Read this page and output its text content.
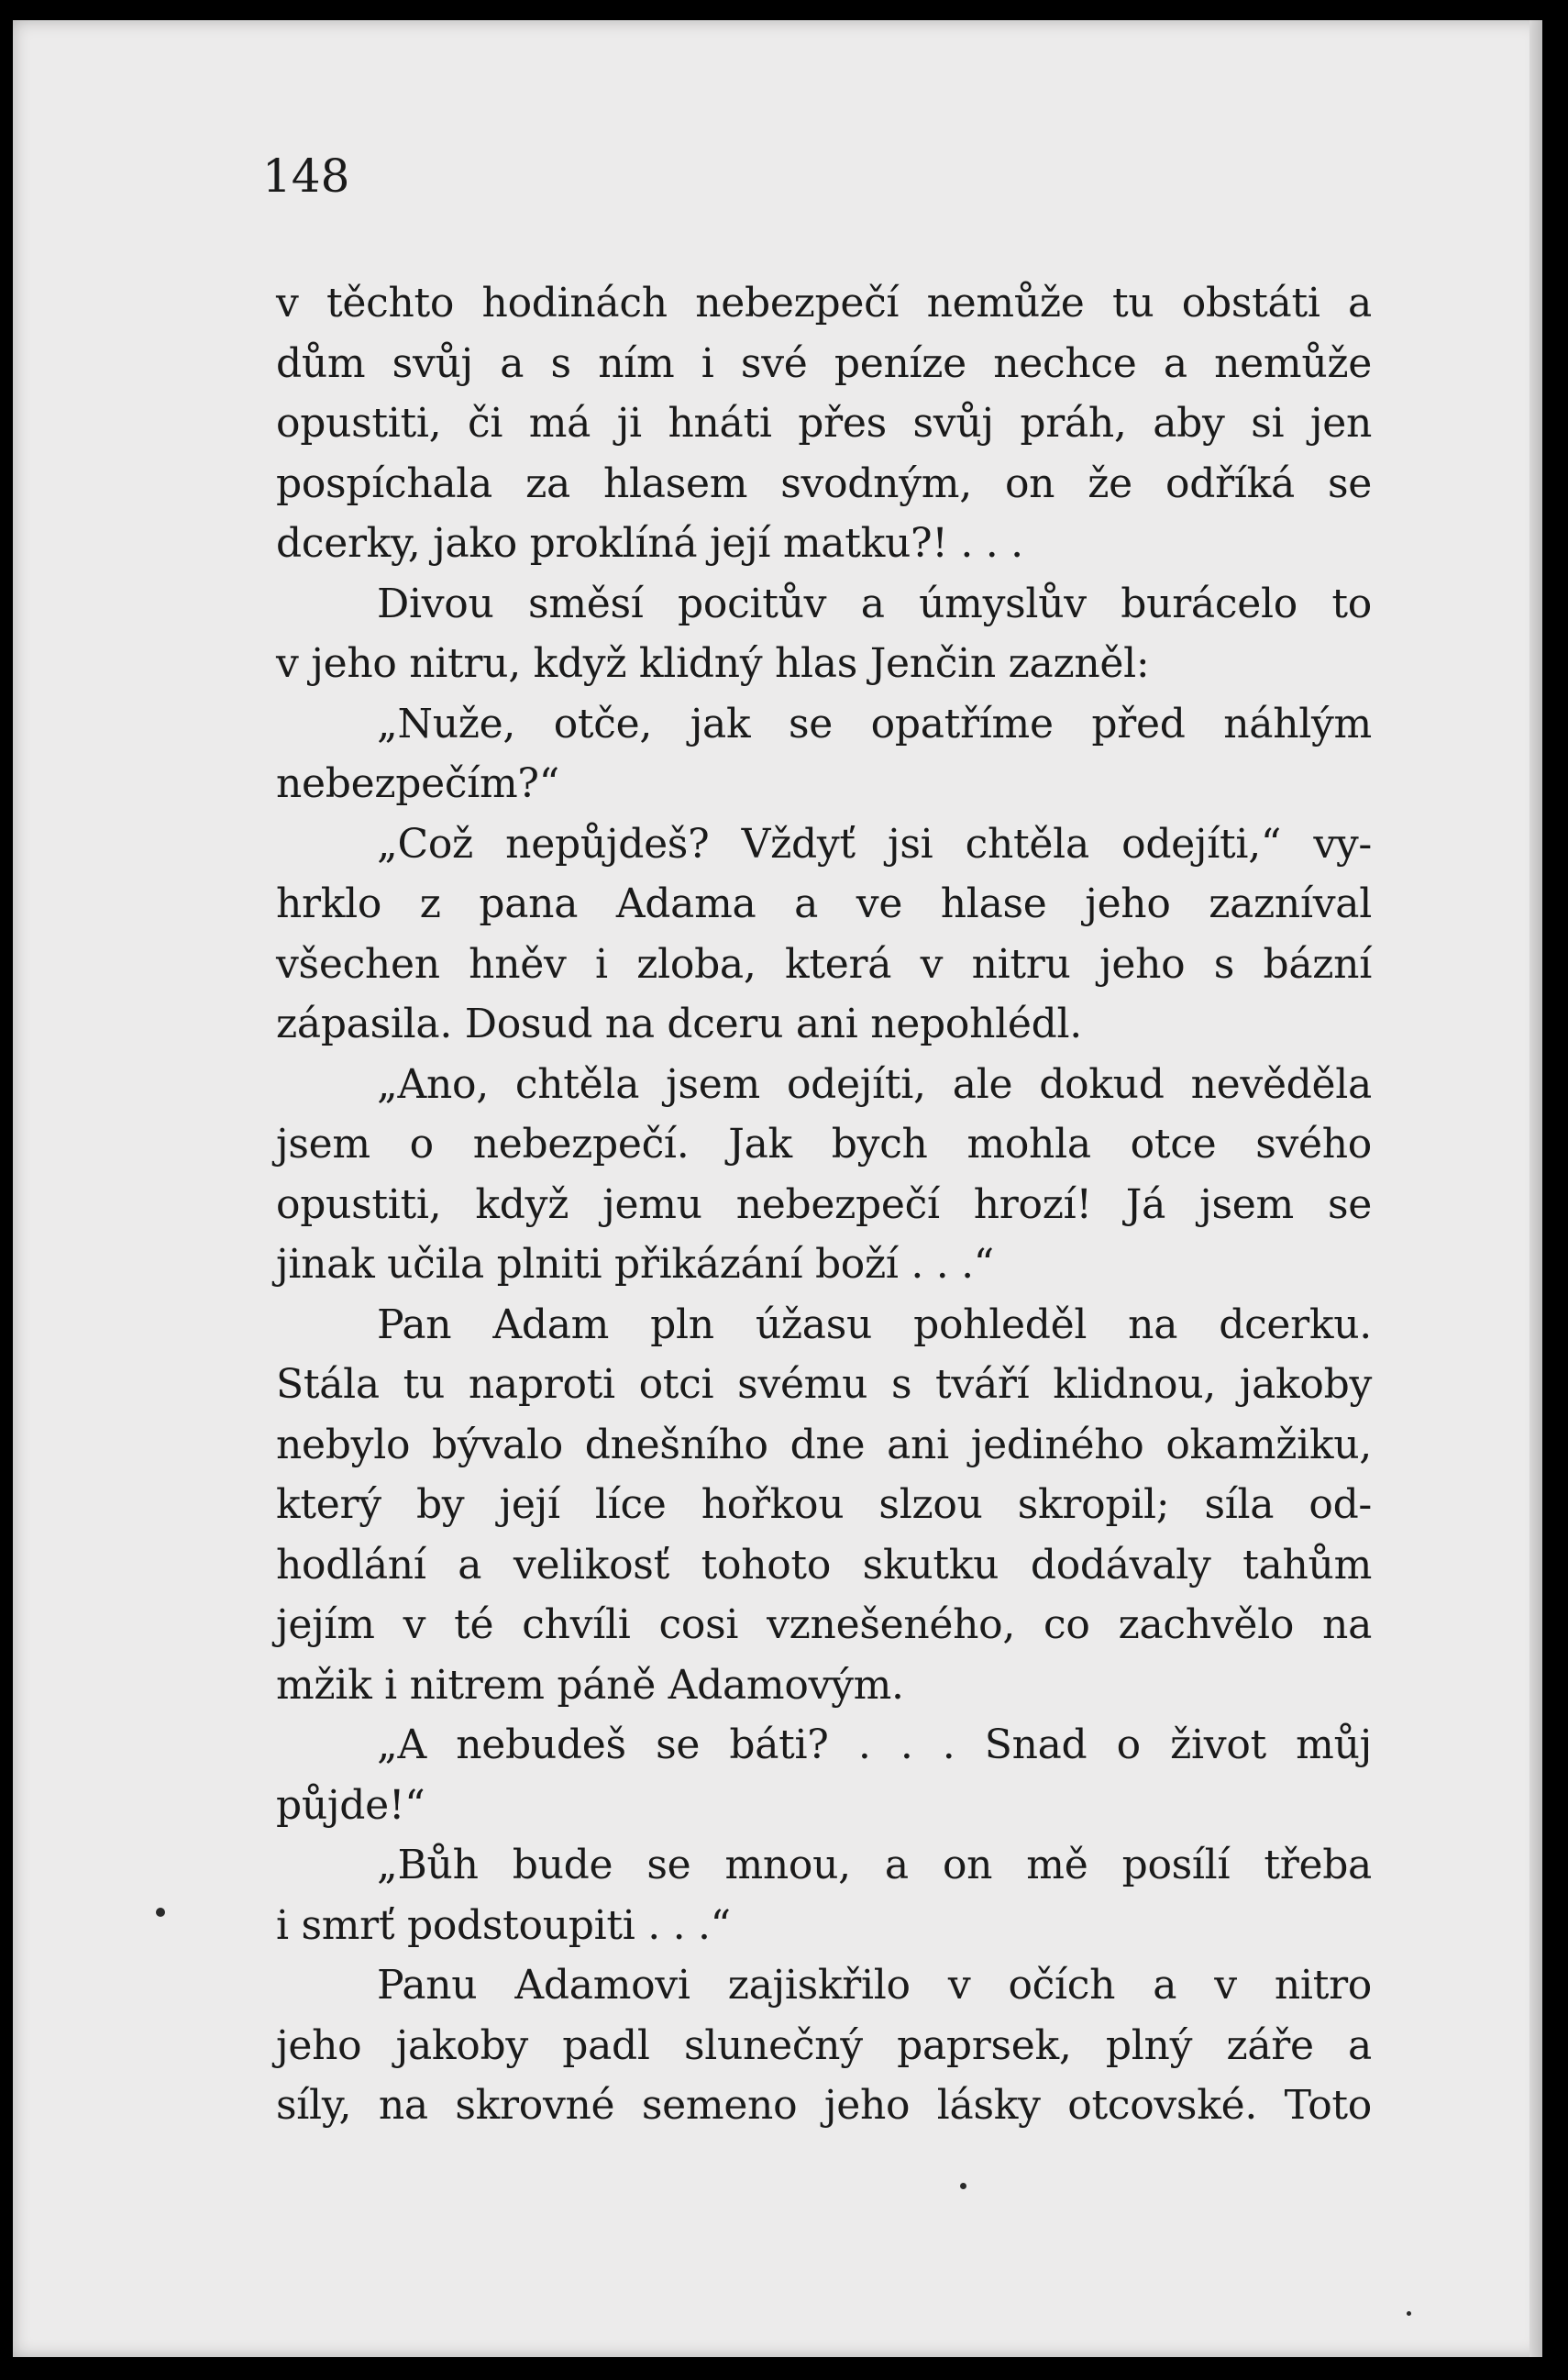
148
v těchto hodinách nebezpečí nemůže tu obstáti a
dům svůj a s ním i své peníze nechce a nemůže
opustiti, či má ji hnáti přes svůj práh, aby si jen
pospíchala za hlasem svodným, on že odříká se
dcerky, jako proklíná její matku?! . . .
Divou směsí pocitův a úmyslův burácelo to
v jeho nitru, když klidný hlas Jenčin zazněl:
„Nuže, otče, jak se opatříme před náhlým
nebezpečím?“
„Což nepůjdeš? Vždyť jsi chtěla odejíti,“ vy-
hrklo z pana Adama a ve hlase jeho zazníval
všechen hněv i zloba, která v nitru jeho s bázní
zápasila. Dosud na dceru ani nepohlédl.
„Ano, chtěla jsem odejíti, ale dokud nevěděla
jsem o nebezpečí. Jak bych mohla otce svého
opustiti, když jemu nebezpečí hrozí! Já jsem se
jinak učila plniti přikázání boží . . .“
Pan Adam pln úžasu pohleděl na dcerku.
Stála tu naproti otci svému s tváří klidnou, jakoby
nebylo bývalo dnešního dne ani jediného okamžiku,
který by její líce hořkou slzou skropil; síla od-
hodlání a velikosť tohoto skutku dodávaly tahům
jejím v té chvíli cosi vznešeného, co zachvělo na
mžik i nitrem páně Adamovým.
„A nebudeš se báti? . . . Snad o život můj
půjde!“
„Bůh bude se mnou, a on mě posílí třeba
i smrť podstoupiti . . .“
Panu Adamovi zajiskřilo v očích a v nitro
jeho jakoby padl slunečný paprsek, plný záře a
síly, na skrovné semeno jeho lásky otcovské. Toto
